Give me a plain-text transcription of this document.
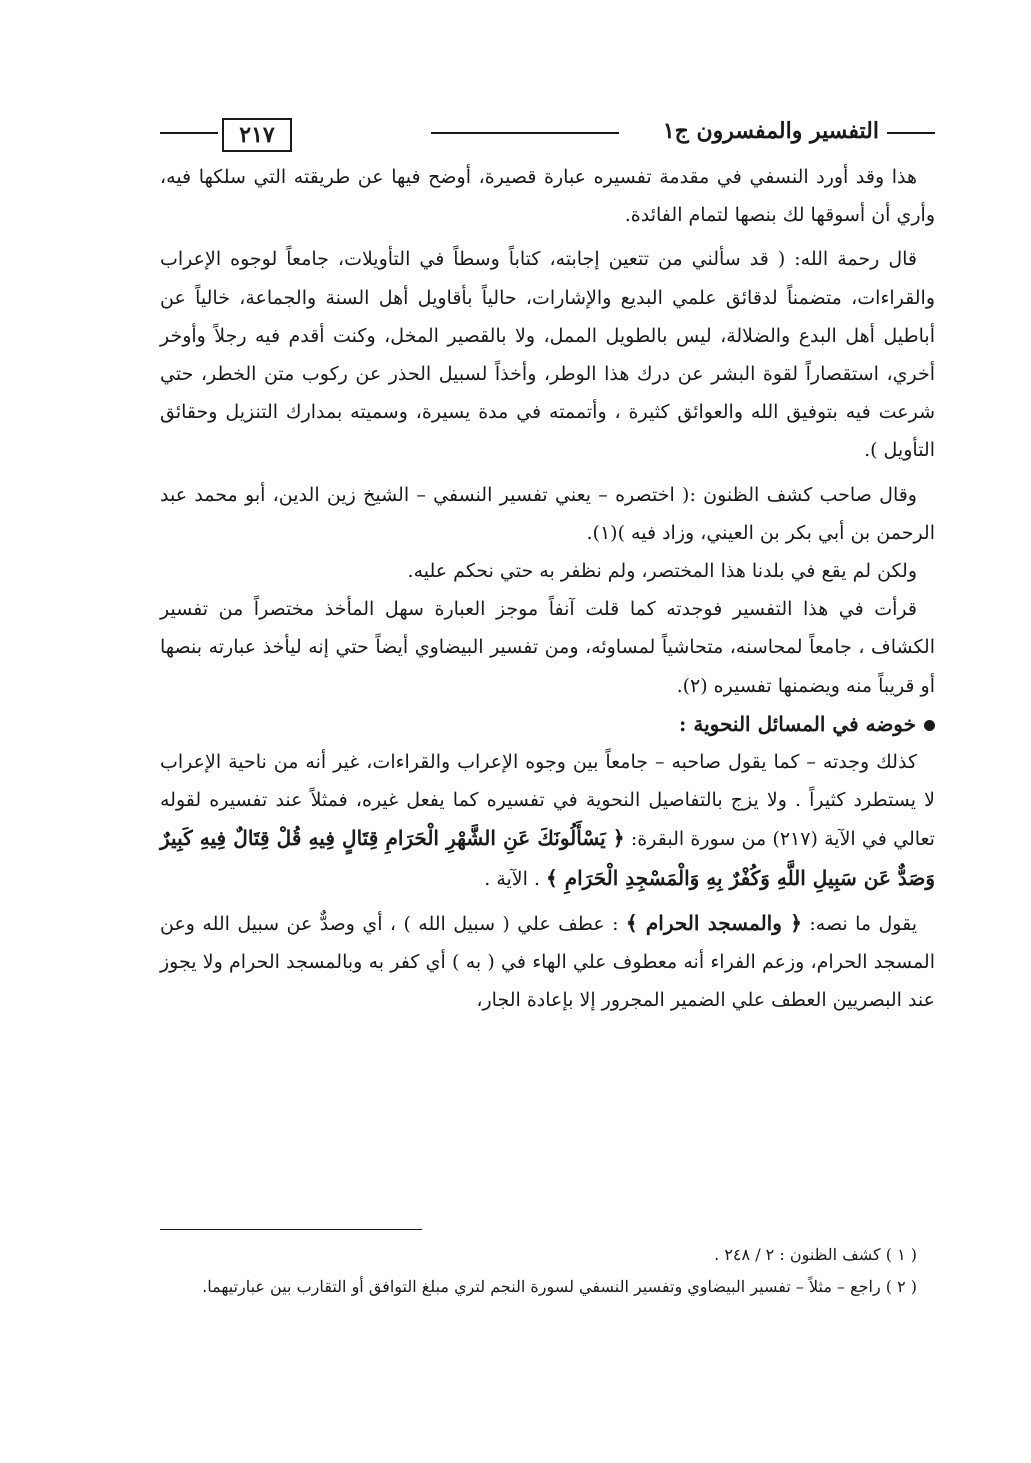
التفسير والمفسرون ج١
٢١٧

هذا وقد أورد النسفي في مقدمة تفسيره عبارة قصيرة، أوضح فيها عن طريقته التي سلكها فيه، وأري أن أسوقها لك بنصها لتمام الفائدة.

قال رحمة الله: ( قد سألني من تتعين إجابته، كتاباً وسطاً في التأويلات، جامعاً لوجوه الإعراب والقراءات، متضمناً لدقائق علمي البديع والإشارات، حالياً بأقاويل أهل السنة والجماعة، خالياً عن أباطيل أهل البدع والضلالة، ليس بالطويل الممل، ولا بالقصير المخل، وكنت أقدم فيه رجلاً وأوخر أخري، استقصاراً لقوة البشر عن درك هذا الوطر، وأخذاً لسبيل الحذر عن ركوب متن الخطر، حتي شرعت فيه بتوفيق الله والعوائق كثيرة ، وأتممته في مدة يسيرة، وسميته بمدارك التنزيل وحقائق التأويل ).

وقال صاحب كشف الظنون :( اختصره – يعني تفسير النسفي – الشيخ زين الدين، أبو محمد عبد الرحمن بن أبي بكر بن العيني، وزاد فيه )(١).

ولكن لم يقع في بلدنا هذا المختصر، ولم نظفر به حتي نحكم عليه.

قرأت في هذا التفسير فوجدته كما قلت آنفاً موجز العبارة سهل المأخذ مختصراً من تفسير الكشاف ، جامعاً لمحاسنه، متحاشياً لمساوئه، ومن تفسير البيضاوي أيضاً حتي إنه ليأخذ عبارته بنصها أو قريباً منه ويضمنها تفسيره (٢).

خوضه في المسائل النحوية :

كذلك وجدته – كما يقول صاحبه – جامعاً بين وجوه الإعراب والقراءات، غير أنه من ناحية الإعراب لا يستطرد كثيراً . ولا يزج بالتفاصيل النحوية في تفسيره كما يفعل غيره، فمثلاً عند تفسيره لقوله تعالي في الآية (٢١٧) من سورة البقرة: ﴿ يَسْأَلُونَكَ عَنِ الشَّهْرِ الْحَرَامِ قِتَالٍ فِيهِ قُلْ قِتَالٌ فِيهِ كَبِيرٌ وَصَدٌّ عَن سَبِيلِ اللَّهِ وَكُفْرٌ بِهِ وَالْمَسْجِدِ الْحَرَامِ ﴾ . الآية .

يقول ما نصه: ﴿ والمسجد الحرام ﴾ : عطف علي ( سبيل الله ) ، أي وصدٌّ عن سبيل الله وعن المسجد الحرام، وزعم الفراء أنه معطوف علي الهاء في ( به ) أي كفر به وبالمسجد الحرام ولا يجوز عند البصريين العطف علي الضمير المجرور إلا بإعادة الجار،

( ١ ) كشف الظنون : ٢ / ٢٤٨ .

( ٢ ) راجع – مثلاً – تفسير البيضاوي وتفسير النسفي لسورة النجم لتري مبلغ التوافق أو التقارب بين عبارتيهما.
